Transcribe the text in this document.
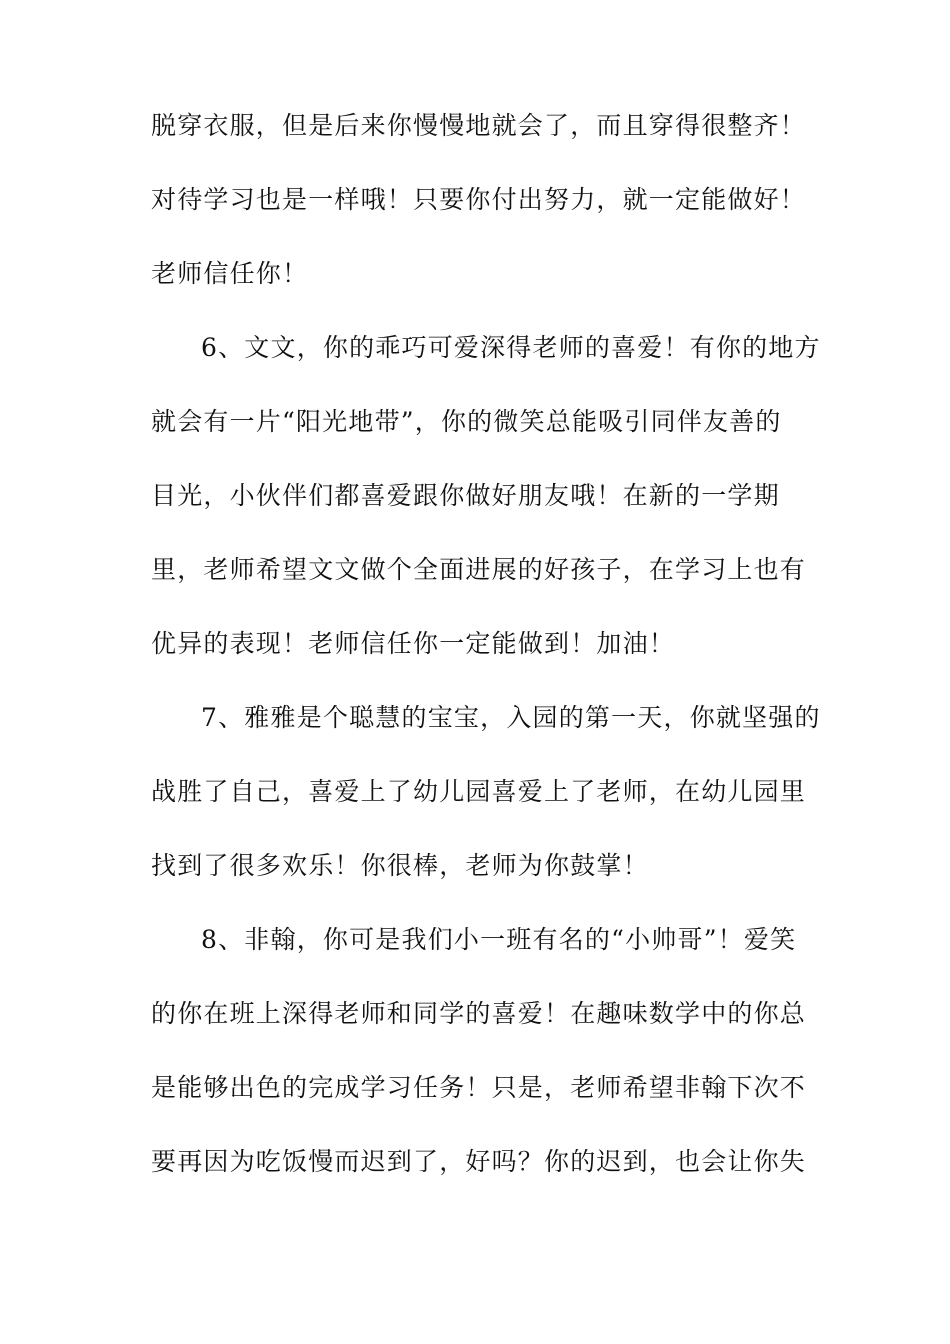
脱穿衣服，但是后来你慢慢地就会了，而且穿得很整齐！
对待学习也是一样哦！只要你付出努力，就一定能做好！
老师信任你！
6、文文，你的乖巧可爱深得老师的喜爱！有你的地方
就会有一片“阳光地带”，你的微笑总能吸引同伴友善的
目光，小伙伴们都喜爱跟你做好朋友哦！在新的一学期
里，老师希望文文做个全面进展的好孩子，在学习上也有
优异的表现！老师信任你一定能做到！加油！
7、雅雅是个聪慧的宝宝，入园的第一天，你就坚强的
战胜了自己，喜爱上了幼儿园喜爱上了老师，在幼儿园里
找到了很多欢乐！你很棒，老师为你鼓掌！
8、非翰，你可是我们小一班有名的“小帅哥”！爱笑
的你在班上深得老师和同学的喜爱！在趣味数学中的你总
是能够出色的完成学习任务！只是，老师希望非翰下次不
要再因为吃饭慢而迟到了，好吗？你的迟到，也会让你失
